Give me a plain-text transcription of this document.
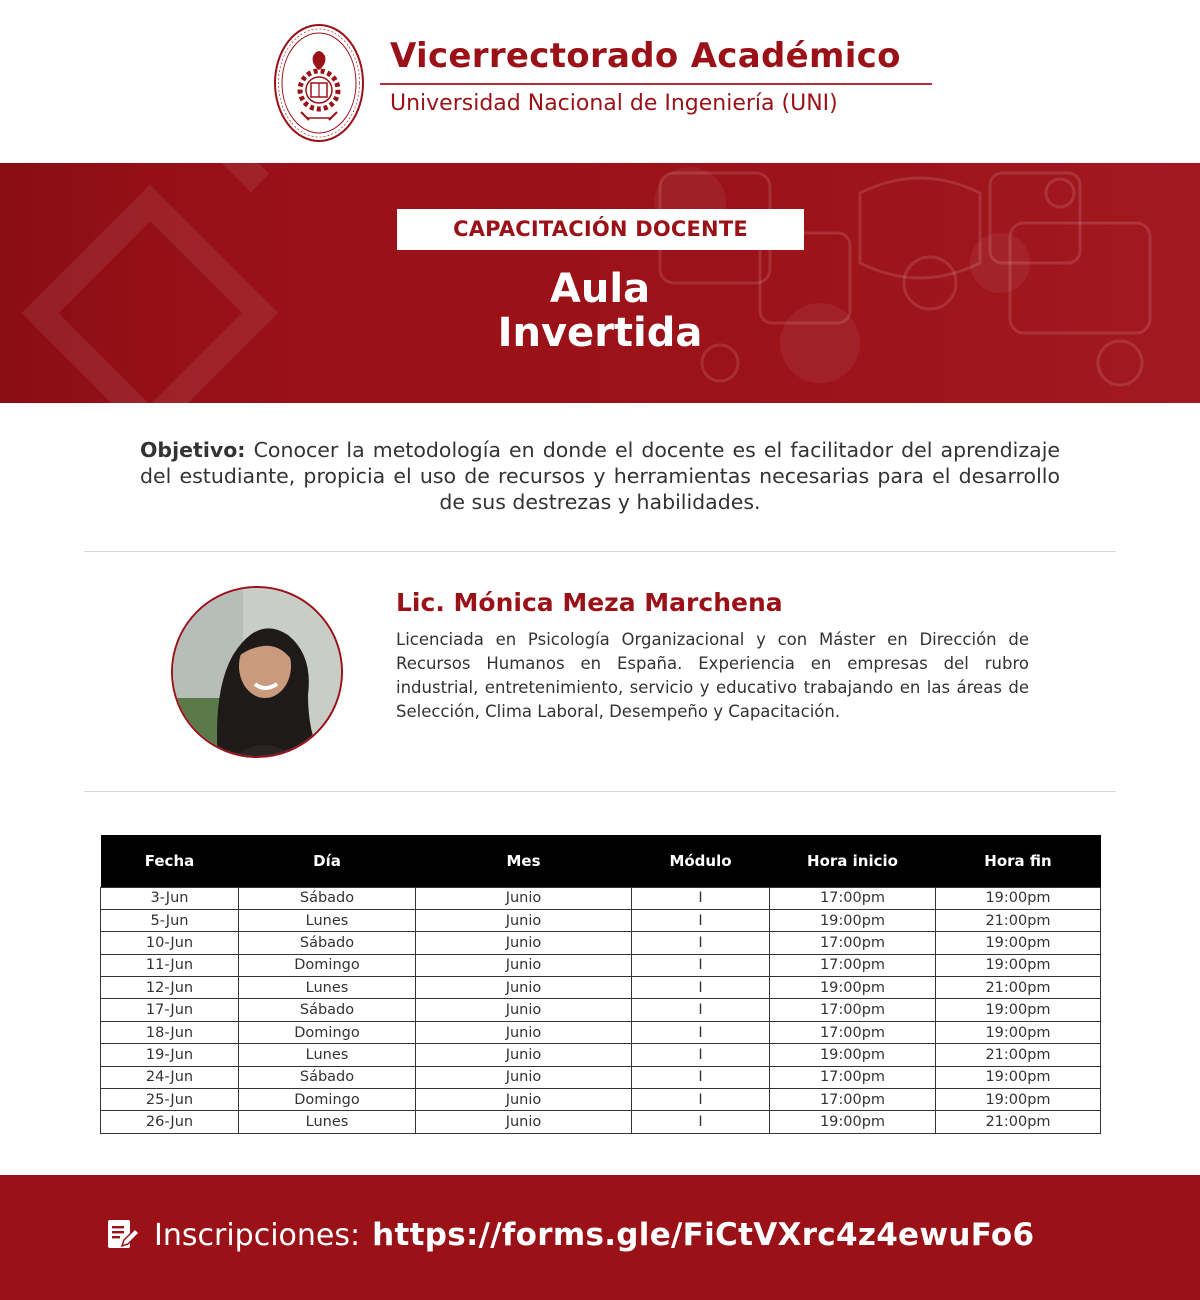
Vicerrectorado Académico
Universidad Nacional de Ingeniería (UNI)
CAPACITACIÓN DOCENTE
Aula
Invertida

Objetivo: Conocer la metodología en donde el docente es el facilitador del aprendizaje del estudiante, propicia el uso de recursos y herramientas necesarias para el desarrollo de sus destrezas y habilidades.

Lic. Mónica Meza Marchena

Licenciada en Psicología Organizacional y con Máster en Dirección de Recursos Humanos en España. Experiencia en empresas del rubro industrial, entretenimiento, servicio y educativo trabajando en las áreas de Selección, Clima Laboral, Desempeño y Capacitación.

Fecha	Día	Mes	Módulo	Hora inicio	Hora fin
3-Jun	Sábado	Junio	I	17:00pm	19:00pm
5-Jun	Lunes	Junio	I	19:00pm	21:00pm
10-Jun	Sábado	Junio	I	17:00pm	19:00pm
11-Jun	Domingo	Junio	I	17:00pm	19:00pm
12-Jun	Lunes	Junio	I	19:00pm	21:00pm
17-Jun	Sábado	Junio	I	17:00pm	19:00pm
18-Jun	Domingo	Junio	I	17:00pm	19:00pm
19-Jun	Lunes	Junio	I	19:00pm	21:00pm
24-Jun	Sábado	Junio	I	17:00pm	19:00pm
25-Jun	Domingo	Junio	I	17:00pm	19:00pm
26-Jun	Lunes	Junio	I	19:00pm	21:00pm
Inscripciones: https://forms.gle/FiCtVXrc4z4ewuFo6
